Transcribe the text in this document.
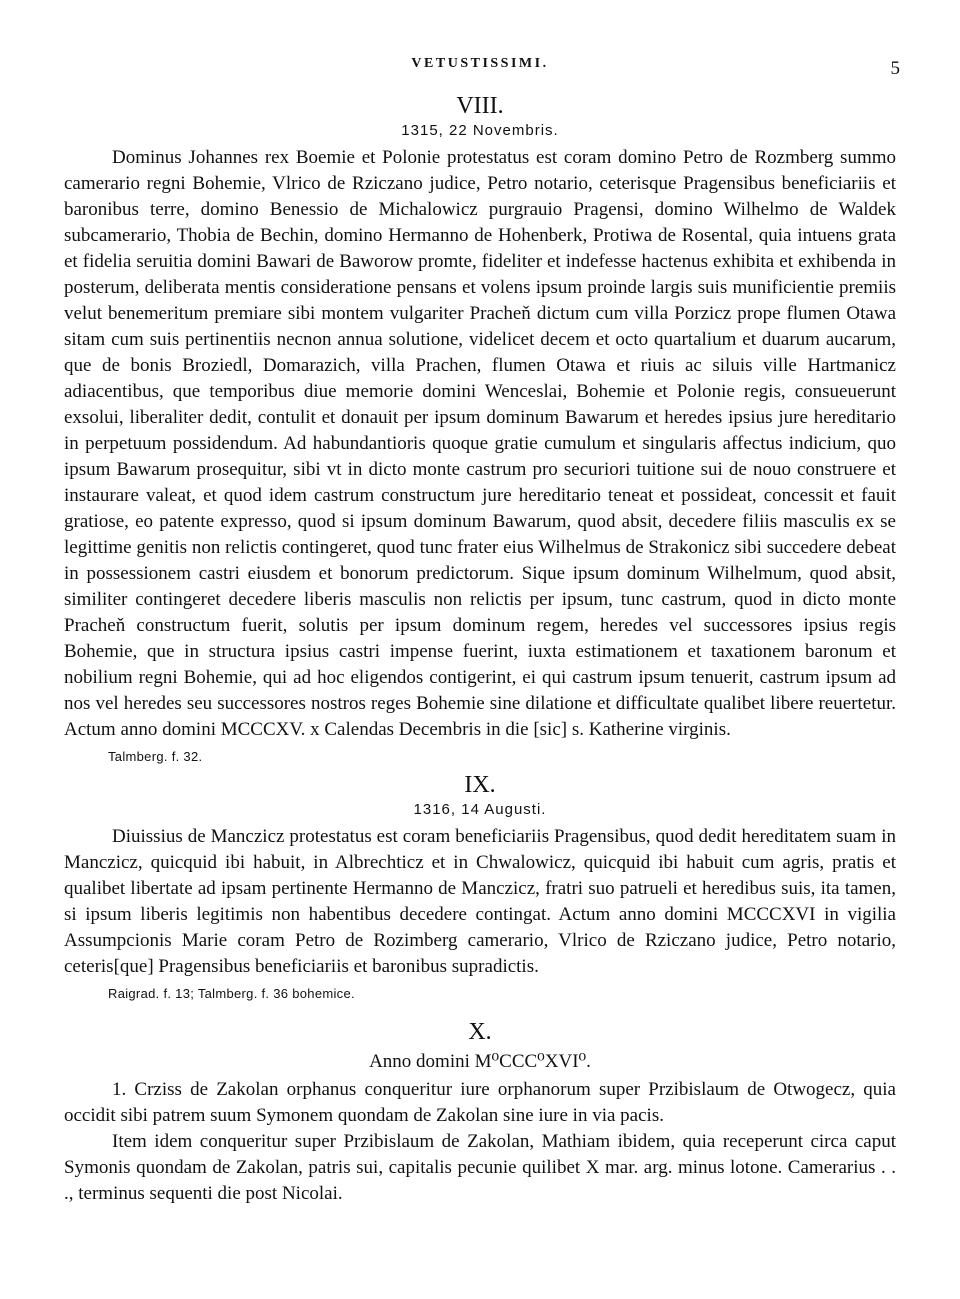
VETUSTISSIMI.	5
VIII.
1315, 22 Novembris.

Dominus Johannes rex Boemie et Polonie protestatus est coram domino Petro de Rozmberg summo camerario regni Bohemie, Vlrico de Rziczano judice, Petro notario, ceterisque Pragensibus beneficiariis et baronibus terre, domino Benessio de Michalowicz purgrauio Pragensi, domino Wilhelmo de Waldek subcamerario, Thobia de Bechin, domino Hermanno de Hohenberk, Protiwa de Rosental, quia intuens grata et fidelia seruitia domini Bawari de Baworow promte, fideliter et indefesse hactenus exhibita et exhibenda in posterum, deliberata mentis consideratione pensans et volens ipsum proinde largis suis munificientie premiis velut benemeritum premiare sibi montem vulgariter Pracheň dictum cum villa Porzicz prope flumen Otawa sitam cum suis pertinentiis necnon annua solutione, videlicet decem et octo quartalium et duarum aucarum, que de bonis Broziedl, Domarazich, villa Prachen, flumen Otawa et riuis ac siluis ville Hartmanicz adiacentibus, que temporibus diue memorie domini Wenceslai, Bohemie et Polonie regis, consueuerunt exsolui, liberaliter dedit, contulit et donauit per ipsum dominum Bawarum et heredes ipsius jure hereditario in perpetuum possidendum. Ad habundantioris quoque gratie cumulum et singularis affectus indicium, quo ipsum Bawarum prosequitur, sibi vt in dicto monte castrum pro securiori tuitione sui de nouo construere et instaurare valeat, et quod idem castrum constructum jure hereditario teneat et possideat, concessit et fauit gratiose, eo patente expresso, quod si ipsum dominum Bawarum, quod absit, decedere filiis masculis ex se legittime genitis non relictis contingeret, quod tunc frater eius Wilhelmus de Strakonicz sibi succedere debeat in possessionem castri eiusdem et bonorum predictorum. Sique ipsum dominum Wilhelmum, quod absit, similiter contingeret decedere liberis masculis non relictis per ipsum, tunc castrum, quod in dicto monte Pracheň constructum fuerit, solutis per ipsum dominum regem, heredes vel successores ipsius regis Bohemie, que in structura ipsius castri impense fuerint, iuxta estimationem et taxationem baronum et nobilium regni Bohemie, qui ad hoc eligendos contigerint, ei qui castrum ipsum tenuerit, castrum ipsum ad nos vel heredes seu successores nostros reges Bohemie sine dilatione et difficultate qualibet libere reuertetur. Actum anno domini MCCCXV. x Calendas Decembris in die [sic] s. Katherine virginis.

Talmberg. f. 32.
IX.
1316, 14 Augusti.

Diuissius de Manczicz protestatus est coram beneficiariis Pragensibus, quod dedit hereditatem suam in Manczicz, quicquid ibi habuit, in Albrechticz et in Chwalowicz, quicquid ibi habuit cum agris, pratis et qualibet libertate ad ipsam pertinente Hermanno de Manczicz, fratri suo patrueli et heredibus suis, ita tamen, si ipsum liberis legitimis non habentibus decedere contingat. Actum anno domini MCCCXVI in vigilia Assumpcionis Marie coram Petro de Rozimberg camerario, Vlrico de Rziczano judice, Petro notario, ceteris[que] Pragensibus beneficiariis et baronibus supradictis.

Raigrad. f. 13; Talmberg. f. 36 bohemice.
X.
Anno domini M⁰CCC⁰XVI⁰.

1. Crziss de Zakolan orphanus conqueritur iure orphanorum super Przibislaum de Otwogecz, quia occidit sibi patrem suum Symonem quondam de Zakolan sine iure in via pacis.

Item idem conqueritur super Przibislaum de Zakolan, Mathiam ibidem, quia receperunt circa caput Symonis quondam de Zakolan, patris sui, capitalis pecunie quilibet X mar. arg. minus lotone. Camerarius . . ., terminus sequenti die post Nicolai.
